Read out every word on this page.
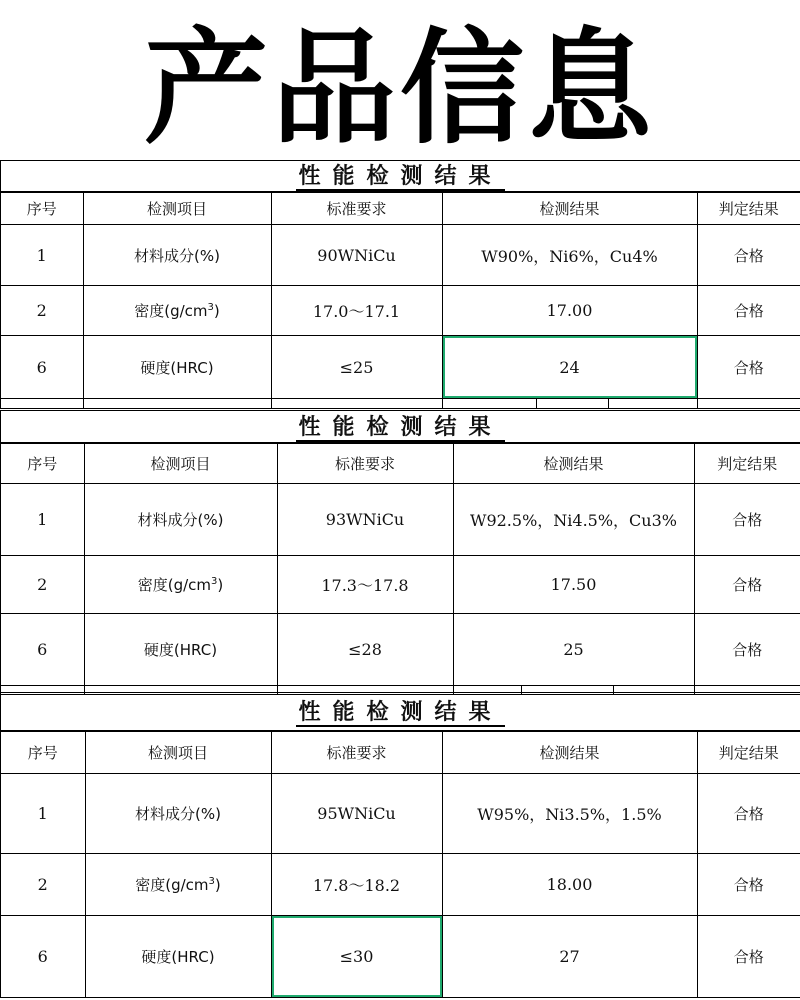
产品信息
性能检测结果
序号	检测项目	标准要求	检测结果	判定结果
1	材料成分(%)	90WNiCu	W90%，Ni6%，Cu4%	合格
2	密度$(g/cm^3)$	17.0～17.1	17.00	合格
6	硬度(HRC)	≤25	24	合格
性能检测结果
序号	检测项目	标准要求	检测结果	判定结果
1	材料成分(%)	93WNiCu	W92.5%，Ni4.5%，Cu3%	合格
2	密度$(g/cm^3)$	17.3～17.8	17.50	合格
6	硬度(HRC)	≤28	25	合格
性能检测结果
序号	检测项目	标准要求	检测结果	判定结果
1	材料成分(%)	95WNiCu	W95%，Ni3.5%，1.5%	合格
2	密度$(g/cm^3)$	17.8～18.2	18.00	合格
6	硬度(HRC)	≤30	27	合格
